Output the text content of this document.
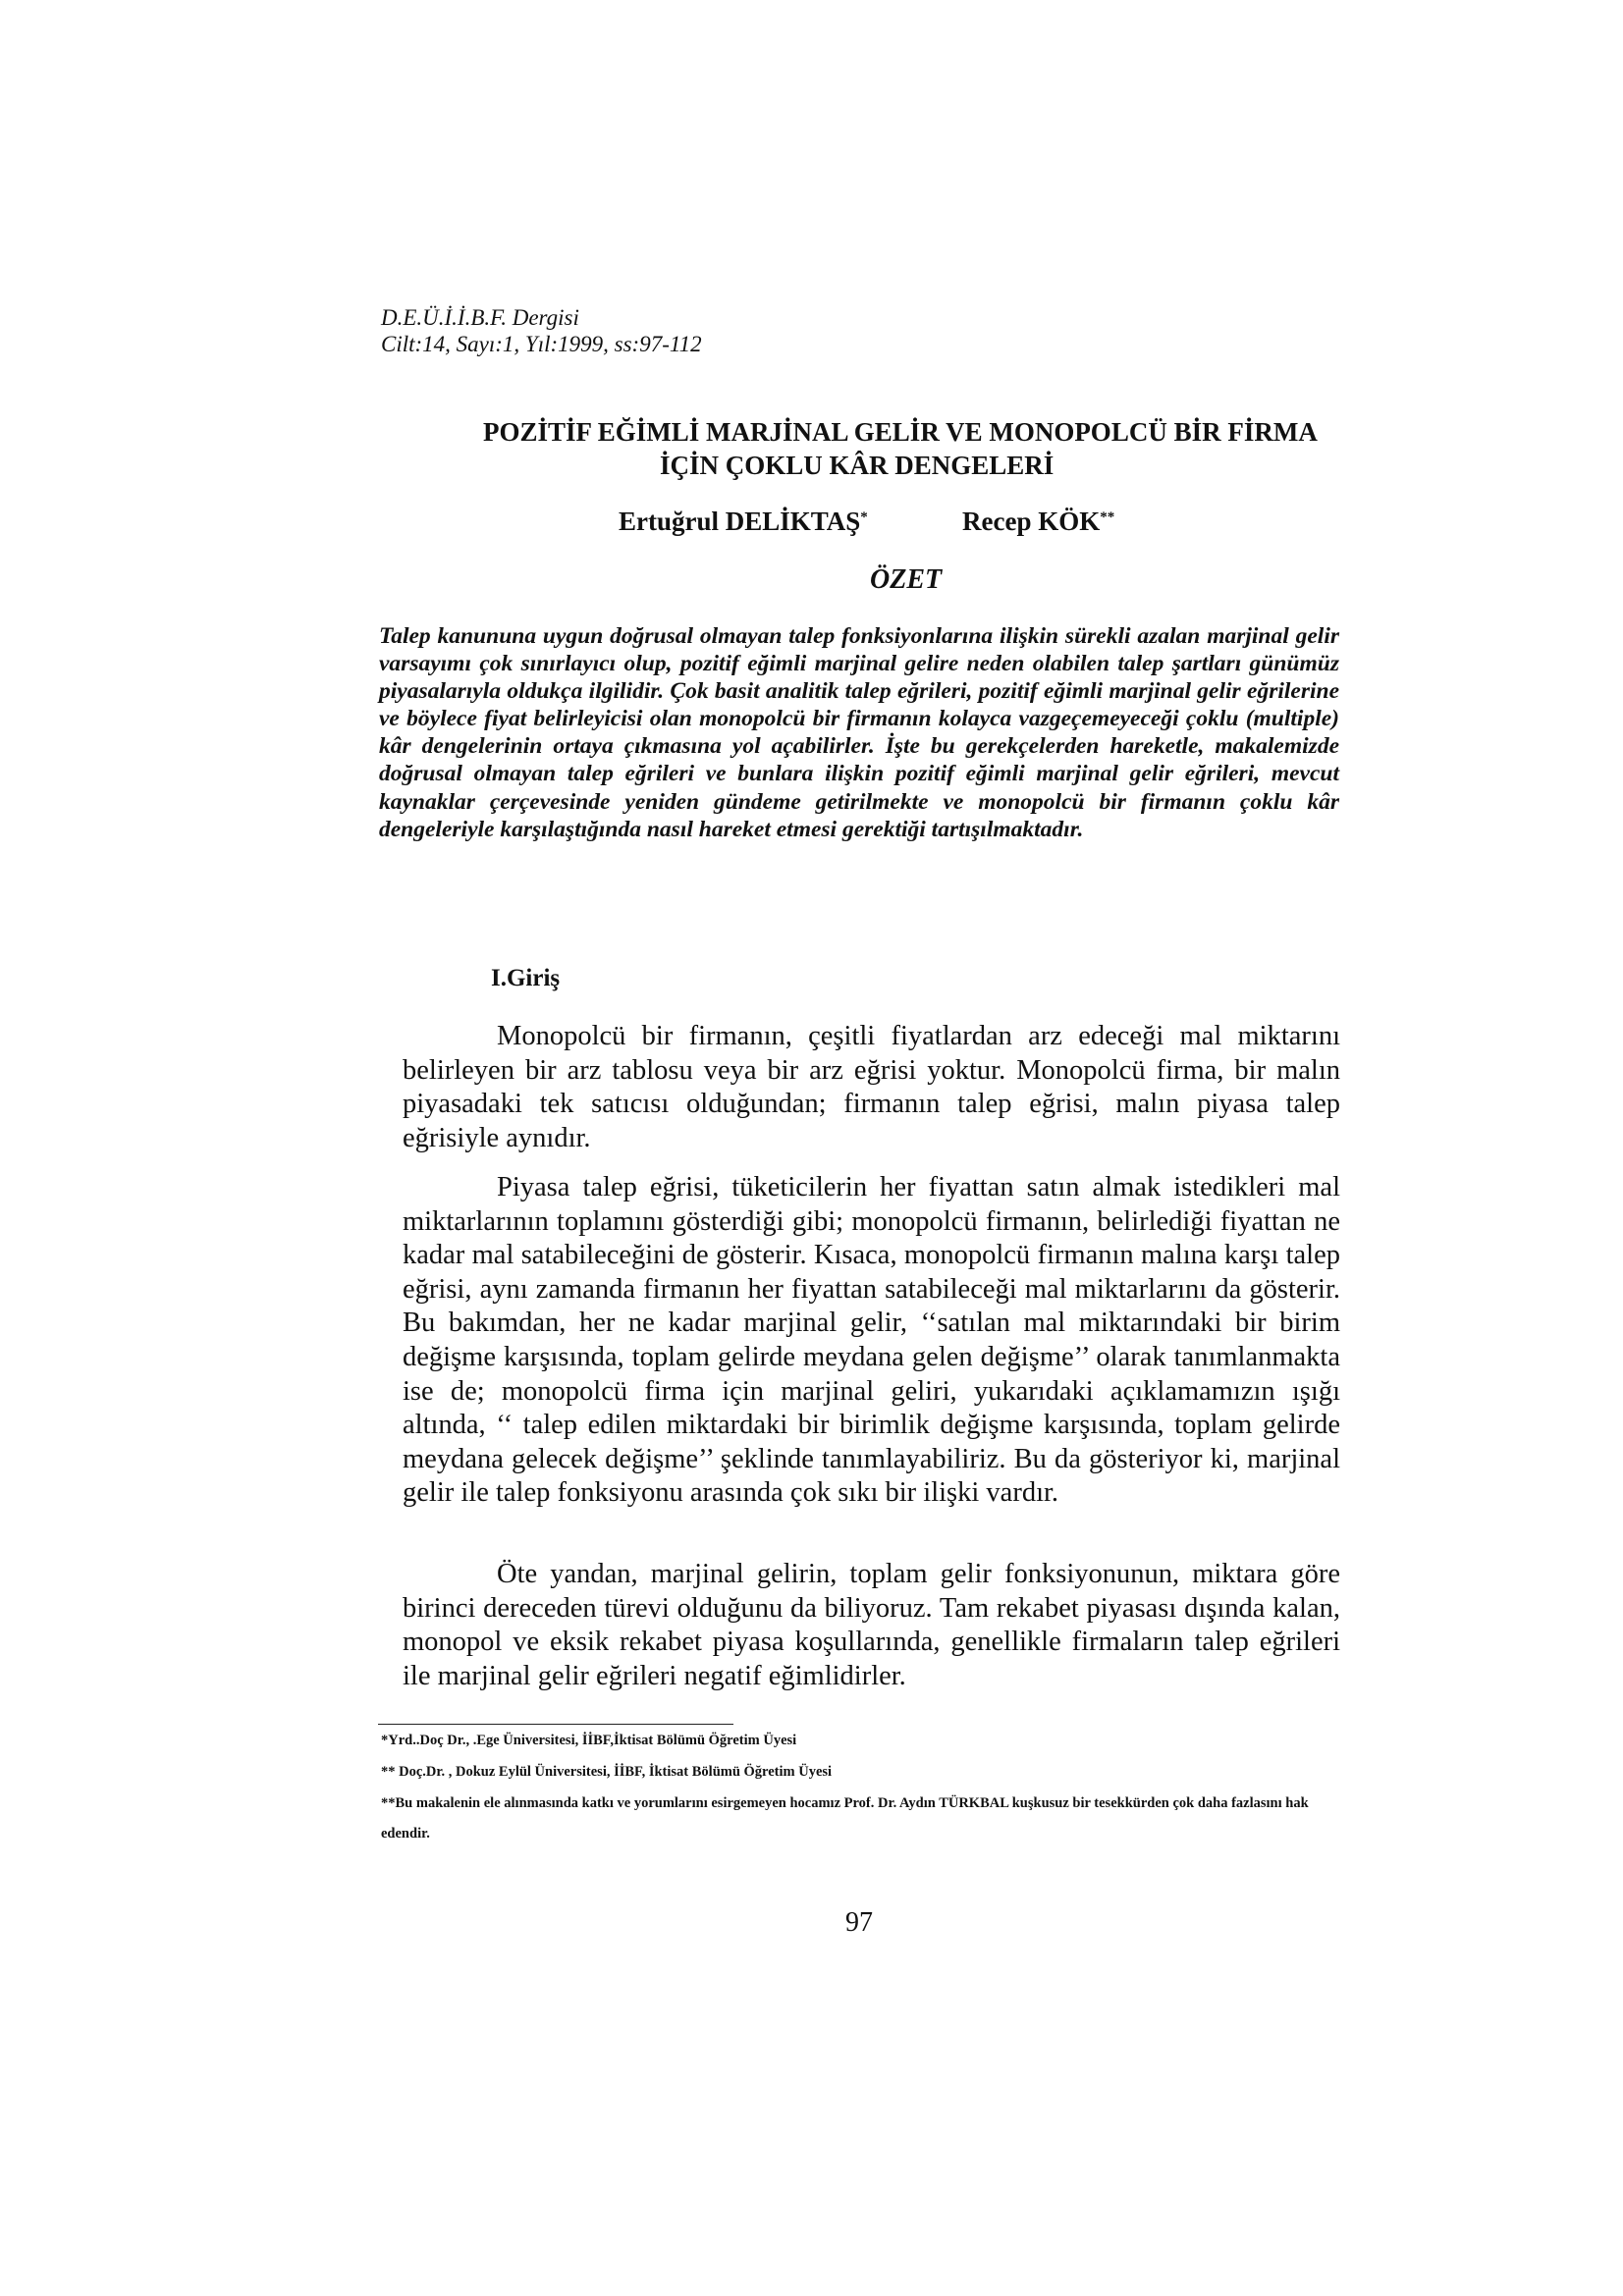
D.E.Ü.İ.İ.B.F. Dergisi

Cilt:14, Sayı:1, Yıl:1999, ss:97-112

POZİTİF EĞİMLİ MARJİNAL GELİR VE MONOPOLCÜ BİR FİRMA
İÇİN ÇOKLU KÂR DENGELERİ
Ertuğrul DELİKTAŞ*	Recep KÖK**
ÖZET

Talep kanununa uygun doğrusal olmayan talep fonksiyonlarına ilişkin sürekli azalan marjinal gelir varsayımı çok sınırlayıcı olup, pozitif eğimli marjinal gelire neden olabilen talep şartları günümüz piyasalarıyla oldukça ilgilidir. Çok basit analitik talep eğrileri, pozitif eğimli marjinal gelir eğrilerine ve böylece fiyat belirleyicisi olan monopolcü bir firmanın kolayca vazgeçemeyeceği çoklu (multiple) kâr dengelerinin ortaya çıkmasına yol açabilirler. İşte bu gerekçelerden hareketle, makalemizde doğrusal olmayan talep eğrileri ve bunlara ilişkin pozitif eğimli marjinal gelir eğrileri, mevcut kaynaklar çerçevesinde yeniden gündeme getirilmekte ve monopolcü bir firmanın çoklu kâr dengeleriyle karşılaştığında nasıl hareket etmesi gerektiği tartışılmaktadır.

I.Giriş

Monopolcü bir firmanın, çeşitli fiyatlardan arz edeceği mal miktarını belirleyen bir arz tablosu veya bir arz eğrisi yoktur. Monopolcü firma, bir malın piyasadaki tek satıcısı olduğundan; firmanın talep eğrisi, malın piyasa talep eğrisiyle aynıdır.

Piyasa talep eğrisi, tüketicilerin her fiyattan satın almak istedikleri mal miktarlarının toplamını gösterdiği gibi; monopolcü firmanın, belirlediği fiyattan ne kadar mal satabileceğini de gösterir. Kısaca, monopolcü firmanın malına karşı talep eğrisi, aynı zamanda firmanın her fiyattan satabileceği mal miktarlarını da gösterir. Bu bakımdan, her ne kadar marjinal gelir, ‘‘satılan mal miktarındaki bir birim değişme karşısında, toplam gelirde meydana gelen değişme’’ olarak tanımlanmakta ise de; monopolcü firma için marjinal geliri, yukarıdaki açıklamamızın ışığı altında, ‘‘ talep edilen miktardaki bir birimlik değişme karşısında, toplam gelirde meydana gelecek değişme’’ şeklinde tanımlayabiliriz. Bu da gösteriyor ki, marjinal gelir ile talep fonksiyonu arasında çok sıkı bir ilişki vardır.

Öte yandan, marjinal gelirin, toplam gelir fonksiyonunun, miktara göre birinci dereceden türevi olduğunu da biliyoruz. Tam rekabet piyasası dışında kalan, monopol ve eksik rekabet piyasa koşullarında, genellikle firmaların talep eğrileri ile marjinal gelir eğrileri negatif eğimlidirler.

*Yrd..Doç Dr., .Ege Üniversitesi, İİBF,İktisat Bölümü Öğretim Üyesi

** Doç.Dr. , Dokuz Eylül Üniversitesi, İİBF, İktisat Bölümü Öğretim Üyesi

**Bu makalenin ele alınmasında katkı ve yorumlarını esirgemeyen hocamız Prof. Dr. Aydın TÜRKBAL kuşkusuz bir tesekkürden çok daha fazlasını hak edendir.

97
